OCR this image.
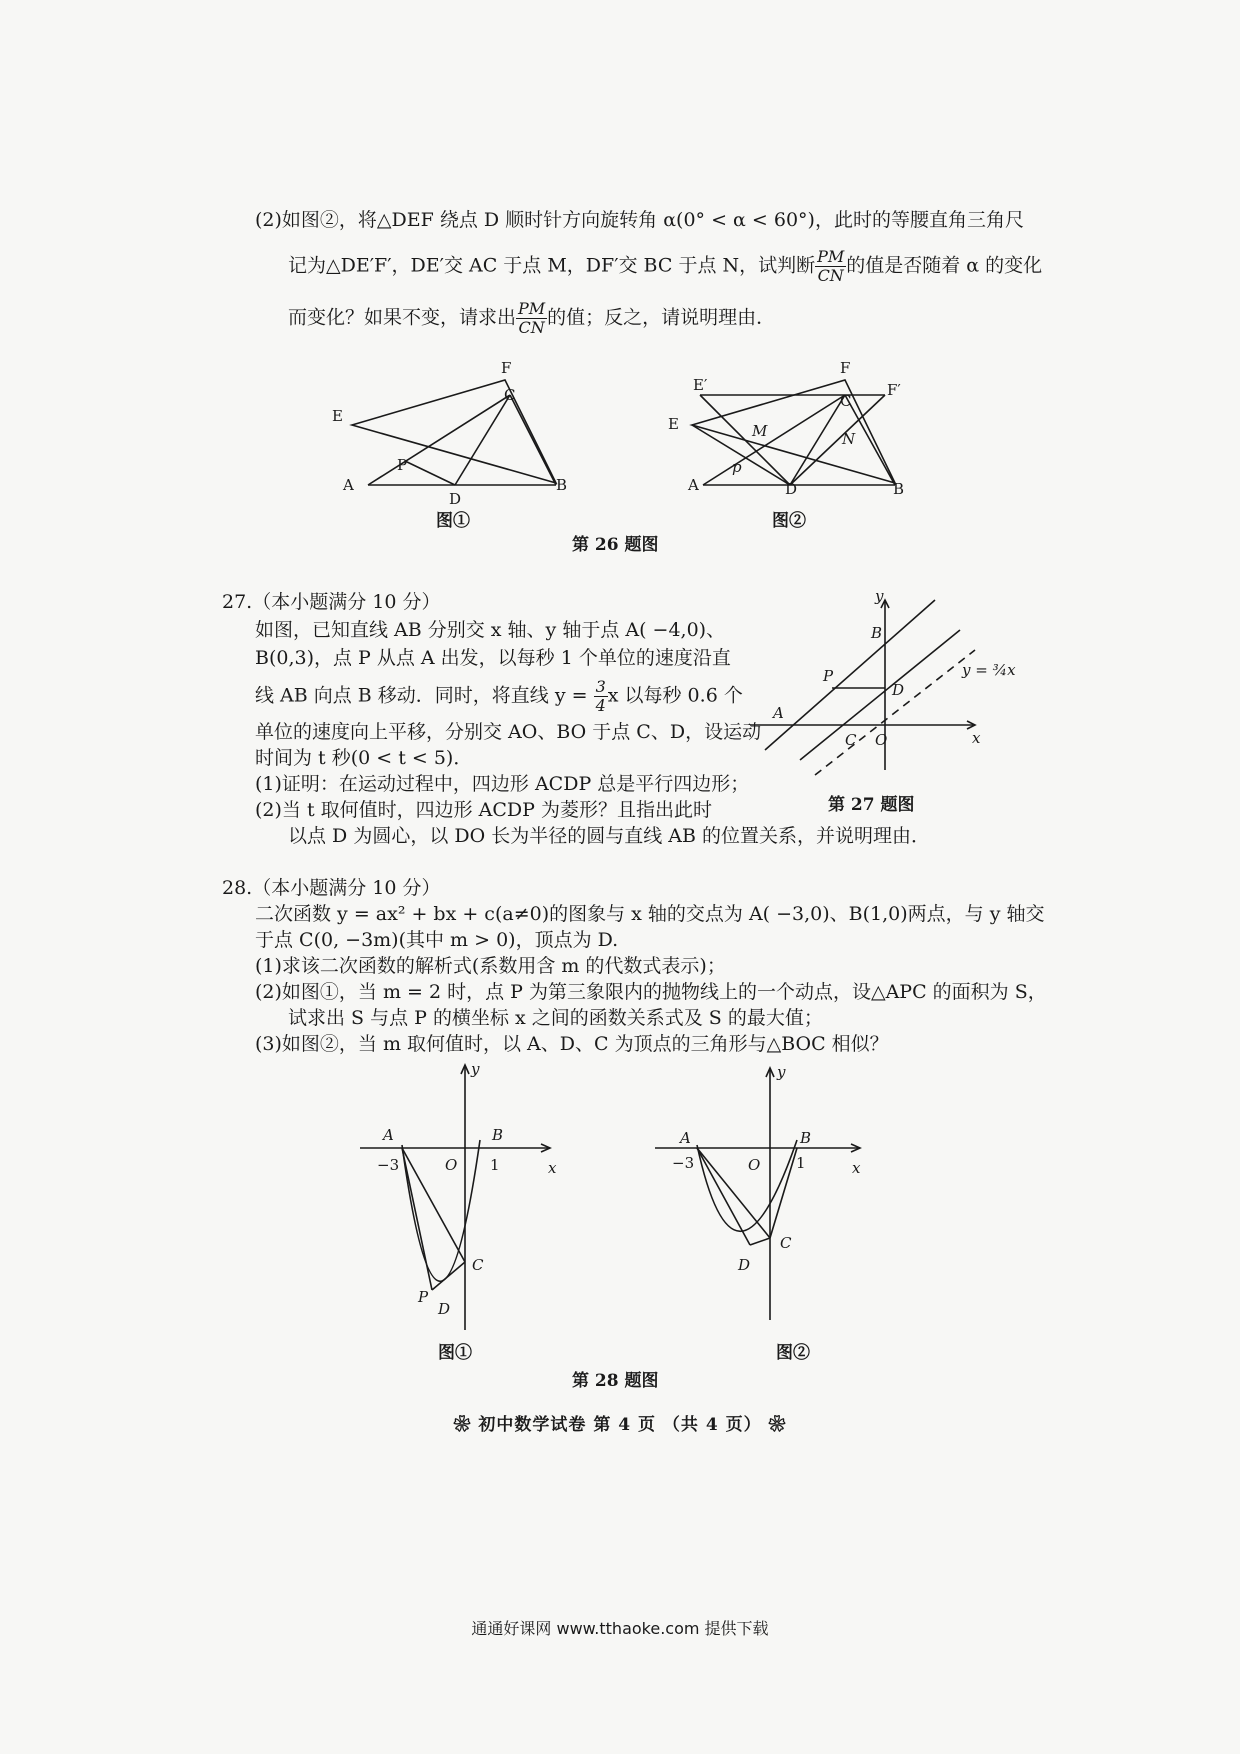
(2)如图②，将△DEF 绕点 D 顺时针方向旋转角 α(0° < α < 60°)，此时的等腰直角三角尺
记为△DE′F′，DE′交 AC 于点 M，DF′交 BC 于点 N，试判断 $\frac{PM}{CN}$ 的值是否随着 α 的变化
而变化？如果不变，请求出 $\frac{PM}{CN}$ 的值；反之，请说明理由．
E
F
C
P
A
D
B
E′
F
C
F′
E	M	N
p
A	D	B
图①	图②
第 26 题图
27.（本小题满分 10 分）
如图，已知直线 AB 分别交 x 轴、y 轴于点 A( −4,0)、
B(0,3)，点 P 从点 A 出发，以每秒 1 个单位的速度沿直
线 AB 向点 B 移动．同时，将直线 $y = \frac{3}{4}$ x 以每秒 0.6 个
单位的速度向上平移，分别交 AO、BO 于点 C、D，设运动
时间为 t 秒(0 < t < 5)．
(1)证明：在运动过程中，四边形 ACDP 总是平行四边形；
(2)当 t 取何值时，四边形 ACDP 为菱形？且指出此时
以点 D 为圆心，以 DO 长为半径的圆与直线 AB 的位置关系，并说明理由．
y
x
B
P
D
A
C O
y = ¾x
第 27 题图
28.（本小题满分 10 分）
二次函数 y = ax² + bx + c(a≠0)的图象与 x 轴的交点为 A( −3,0)、B(1,0)两点，与 y 轴交
于点 C(0, −3m)(其中 m > 0)，顶点为 D.
(1)求该二次函数的解析式(系数用含 m 的代数式表示)；
(2)如图①，当 m = 2 时，点 P 为第三象限内的抛物线上的一个动点，设△APC 的面积为 S，
试求出 S 与点 P 的横坐标 x 之间的函数关系式及 S 的最大值；
(3)如图②，当 m 取何值时，以 A、D、C 为顶点的三角形与△BOC 相似？
y
x
A	B
−3	O 1
C
P
D
y
x
A	B
−3	O 1
C
D
图①	图②
第 28 题图
❀ 初中数学试卷 第 4 页 （共 4 页） ❀
通通好课网 www.tthaoke.com 提供下载
